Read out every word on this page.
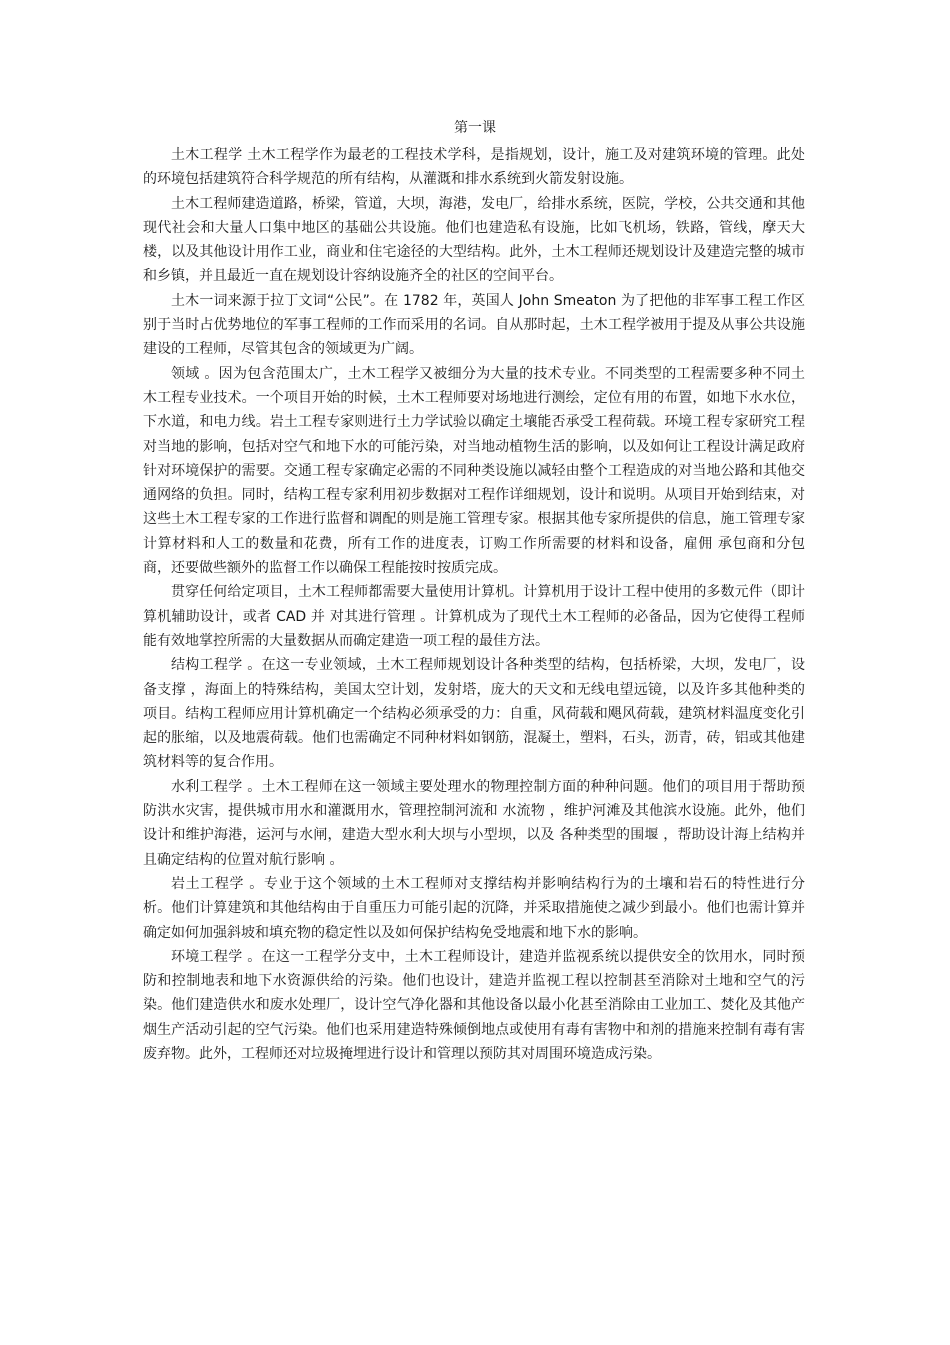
第一课

土木工程学 土木工程学作为最老的工程技术学科，是指规划，设计，施工及对建筑环境的管理。此处的环境包括建筑符合科学规范的所有结构，从灌溉和排水系统到火箭发射设施。

土木工程师建造道路，桥梁，管道，大坝，海港，发电厂，给排水系统，医院，学校，公共交通和其他现代社会和大量人口集中地区的基础公共设施。他们也建造私有设施，比如飞机场，铁路，管线，摩天大楼，以及其他设计用作工业，商业和住宅途径的大型结构。此外，土木工程师还规划设计及建造完整的城市和乡镇，并且最近一直在规划设计容纳设施齐全的社区的空间平台。

土木一词来源于拉丁文词“公民”。在 1782 年，英国人 John Smeaton 为了把他的非军事工程工作区别于当时占优势地位的军事工程师的工作而采用的名词。自从那时起，土木工程学被用于提及从事公共设施建设的工程师，尽管其包含的领域更为广阔。

领域 。因为包含范围太广，土木工程学又被细分为大量的技术专业。不同类型的工程需要多种不同土木工程专业技术。一个项目开始的时候，土木工程师要对场地进行测绘，定位有用的布置，如地下水水位，下水道，和电力线。岩土工程专家则进行土力学试验以确定土壤能否承受工程荷载。环境工程专家研究工程对当地的影响，包括对空气和地下水的可能污染，对当地动植物生活的影响，以及如何让工程设计满足政府针对环境保护的需要。交通工程专家确定必需的不同种类设施以减轻由整个工程造成的对当地公路和其他交通网络的负担。同时，结构工程专家利用初步数据对工程作详细规划，设计和说明。从项目开始到结束，对这些土木工程专家的工作进行监督和调配的则是施工管理专家。根据其他专家所提供的信息，施工管理专家计算材料和人工的数量和花费，所有工作的进度表，订购工作所需要的材料和设备，雇佣 承包商和分包商，还要做些额外的监督工作以确保工程能按时按质完成。

贯穿任何给定项目，土木工程师都需要大量使用计算机。计算机用于设计工程中使用的多数元件（即计算机辅助设计，或者 CAD 并 对其进行管理 。计算机成为了现代土木工程师的必备品，因为它使得工程师能有效地掌控所需的大量数据从而确定建造一项工程的最佳方法。

结构工程学 。在这一专业领域，土木工程师规划设计各种类型的结构，包括桥梁，大坝，发电厂，设备支撑 ，海面上的特殊结构，美国太空计划，发射塔，庞大的天文和无线电望远镜，以及许多其他种类的项目。结构工程师应用计算机确定一个结构必须承受的力：自重，风荷载和飓风荷载，建筑材料温度变化引起的胀缩，以及地震荷载。他们也需确定不同种材料如钢筋，混凝土，塑料，石头，沥青，砖，铝或其他建筑材料等的复合作用。

水利工程学 。土木工程师在这一领域主要处理水的物理控制方面的种种问题。他们的项目用于帮助预防洪水灾害，提供城市用水和灌溉用水，管理控制河流和 水流物 ，维护河滩及其他滨水设施。此外，他们设计和维护海港，运河与水闸，建造大型水利大坝与小型坝，以及 各种类型的围堰 ，帮助设计海上结构并且确定结构的位置对航行影响 。

岩土工程学 。专业于这个领域的土木工程师对支撑结构并影响结构行为的土壤和岩石的特性进行分析。他们计算建筑和其他结构由于自重压力可能引起的沉降，并采取措施使之减少到最小。他们也需计算并确定如何加强斜坡和填充物的稳定性以及如何保护结构免受地震和地下水的影响。

环境工程学 。在这一工程学分支中，土木工程师设计，建造并监视系统以提供安全的饮用水，同时预防和控制地表和地下水资源供给的污染。他们也设计，建造并监视工程以控制甚至消除对土地和空气的污染。他们建造供水和废水处理厂，设计空气净化器和其他设备以最小化甚至消除由工业加工、焚化及其他产烟生产活动引起的空气污染。他们也采用建造特殊倾倒地点或使用有毒有害物中和剂的措施来控制有毒有害废弃物。此外，工程师还对垃圾掩埋进行设计和管理以预防其对周围环境造成污染。
